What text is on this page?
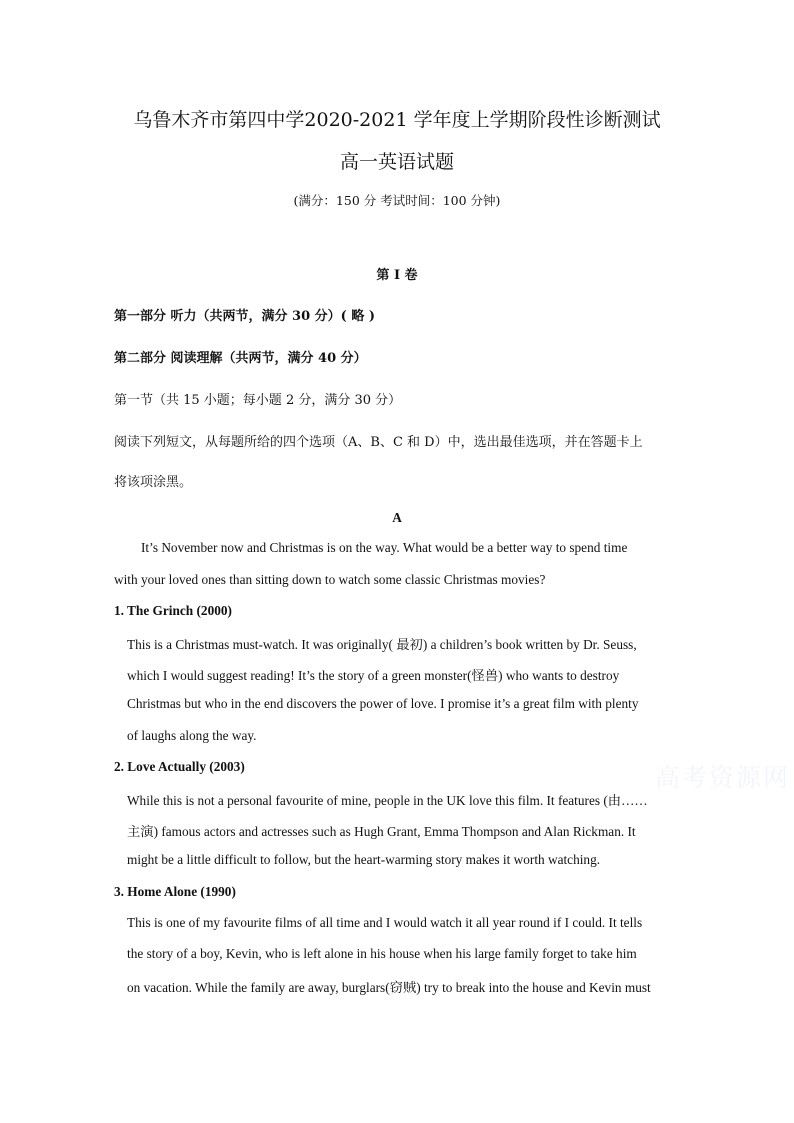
乌鲁木齐市第四中学2020-2021 学年度上学期阶段性诊断测试
高一英语试题
(满分：150 分 考试时间：100 分钟)
第 I 卷
第一部分 听力（共两节，满分 30 分）( 略 )
第二部分 阅读理解（共两节，满分 40 分）
第一节（共 15 小题；每小题 2 分，满分 30 分）
阅读下列短文，从每题所给的四个选项（A、B、C 和 D）中，选出最佳选项，并在答题卡上
将该项涂黑。
A
It’s November now and Christmas is on the way. What would be a better way to spend time
with your loved ones than sitting down to watch some classic Christmas movies?
1. The Grinch (2000)
This is a Christmas must-watch. It was originally( 最初) a children’s book written by Dr. Seuss,
which I would suggest reading! It’s the story of a green monster(怪兽) who wants to destroy
Christmas but who in the end discovers the power of love. I promise it’s a great film with plenty
of laughs along the way.
2. Love Actually (2003)
While this is not a personal favourite of mine, people in the UK love this film. It features (由……
主演) famous actors and actresses such as Hugh Grant, Emma Thompson and Alan Rickman. It
might be a little difficult to follow, but the heart-warming story makes it worth watching.
3. Home Alone (1990)
This is one of my favourite films of all time and I would watch it all year round if I could. It tells
the story of a boy, Kevin, who is left alone in his house when his large family forget to take him
on vacation. While the family are away, burglars(窃贼) try to break into the house and Kevin must
高考资源网
